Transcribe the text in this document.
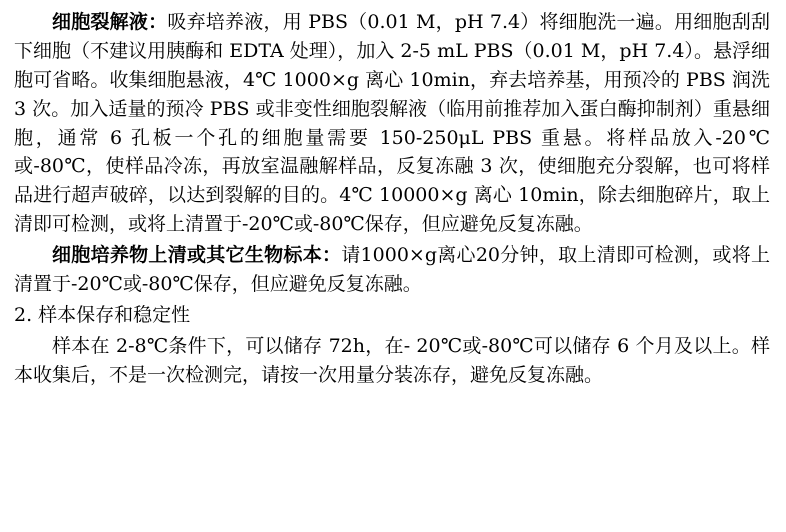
细胞裂解液：吸弃培养液，用 PBS（0.01 M，pH 7.4）将细胞洗一遍。用细胞刮刮下细胞（不建议用胰酶和 EDTA 处理），加入 2-5 mL PBS（0.01 M，pH 7.4）。悬浮细胞可省略。收集细胞悬液，4℃ 1000×g 离心 10min，弃去培养基，用预冷的 PBS 润洗 3 次。加入适量的预冷 PBS 或非变性细胞裂解液（临用前推荐加入蛋白酶抑制剂）重悬细胞，通常 6 孔板一个孔的细胞量需要 150-250μL PBS 重悬。将样品放入-20℃或-80℃，使样品冷冻，再放室温融解样品，反复冻融 3 次，使细胞充分裂解，也可将样品进行超声破碎，以达到裂解的目的。4℃ 10000×g 离心 10min，除去细胞碎片，取上清即可检测，或将上清置于-20℃或-80℃保存，但应避免反复冻融。

细胞培养物上清或其它生物标本：请1000×g离心20分钟，取上清即可检测，或将上清置于-20℃或-80℃保存，但应避免反复冻融。

2. 样本保存和稳定性

样本在 2-8℃条件下，可以储存 72h，在- 20℃或-80℃可以储存 6 个月及以上。样本收集后，不是一次检测完，请按一次用量分装冻存，避免反复冻融。
